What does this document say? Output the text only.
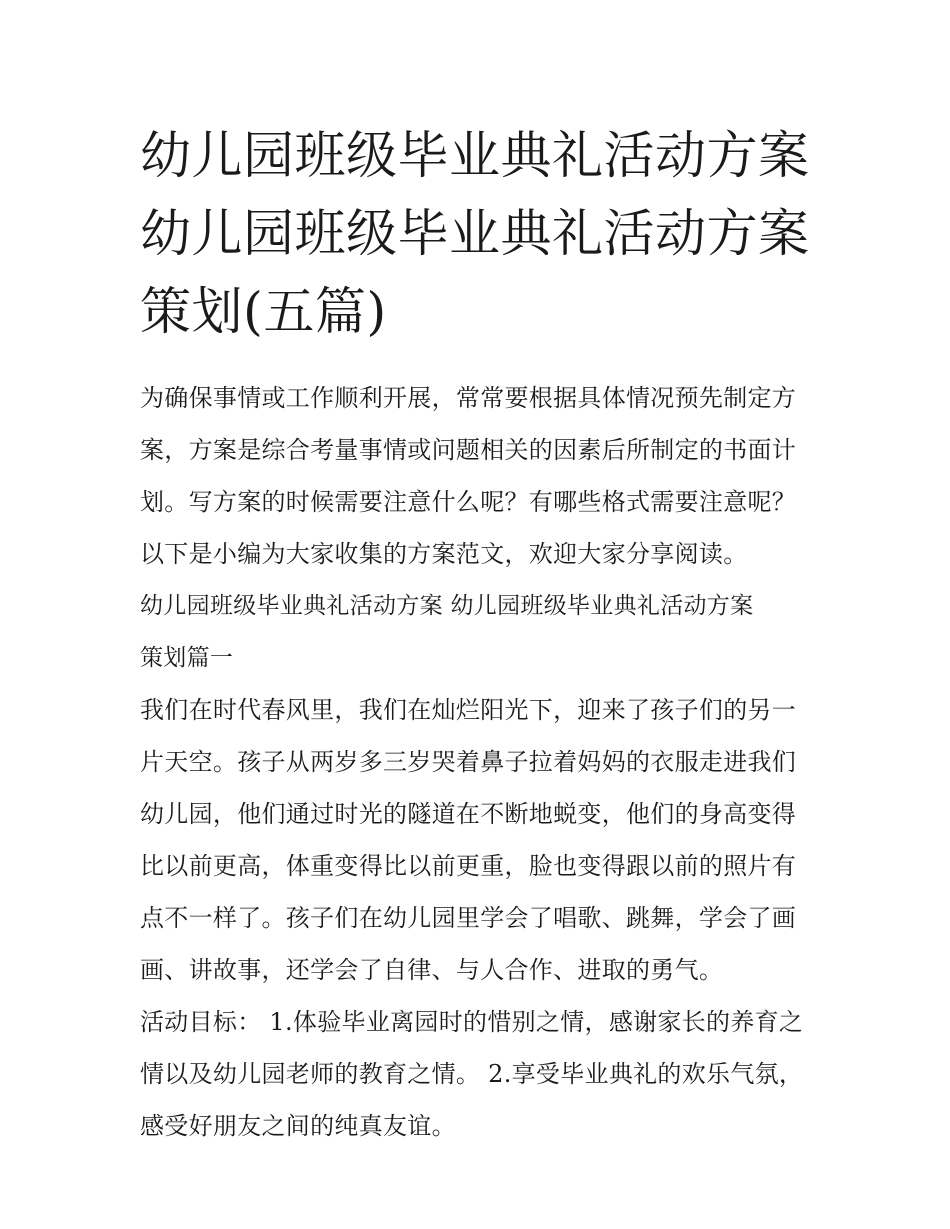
幼儿园班级毕业典礼活动方案
幼儿园班级毕业典礼活动方案
策划(五篇)

为确保事情或工作顺利开展，常常要根据具体情况预先制定方
案，方案是综合考量事情或问题相关的因素后所制定的书面计
划。写方案的时候需要注意什么呢？有哪些格式需要注意呢？
以下是小编为大家收集的方案范文，欢迎大家分享阅读。

幼儿园班级毕业典礼活动方案 幼儿园班级毕业典礼活动方案
策划篇一

我们在时代春风里，我们在灿烂阳光下，迎来了孩子们的另一
片天空。孩子从两岁多三岁哭着鼻子拉着妈妈的衣服走进我们
幼儿园，他们通过时光的隧道在不断地蜕变，他们的身高变得
比以前更高，体重变得比以前更重，脸也变得跟以前的照片有
点不一样了。孩子们在幼儿园里学会了唱歌、跳舞，学会了画
画、讲故事，还学会了自律、与人合作、进取的勇气。

活动目标： 1.体验毕业离园时的惜别之情，感谢家长的养育之
情以及幼儿园老师的教育之情。 2.享受毕业典礼的欢乐气氛，
感受好朋友之间的纯真友谊。
